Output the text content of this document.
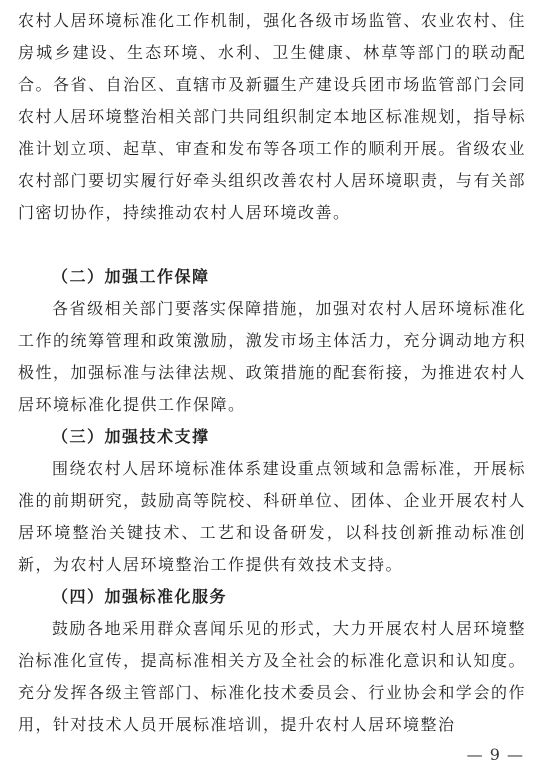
农村人居环境标准化工作机制，强化各级市场监管、农业农村、住房城乡建设、生态环境、水利、卫生健康、林草等部门的联动配合。各省、自治区、直辖市及新疆生产建设兵团市场监管部门会同农村人居环境整治相关部门共同组织制定本地区标准规划，指导标准计划立项、起草、审查和发布等各项工作的顺利开展。省级农业农村部门要切实履行好牵头组织改善农村人居环境职责，与有关部门密切协作，持续推动农村人居环境改善。
（二）加强工作保障
各省级相关部门要落实保障措施，加强对农村人居环境标准化工作的统筹管理和政策激励，激发市场主体活力，充分调动地方积极性，加强标准与法律法规、政策措施的配套衔接，为推进农村人居环境标准化提供工作保障。
（三）加强技术支撑
围绕农村人居环境标准体系建设重点领域和急需标准，开展标准的前期研究，鼓励高等院校、科研单位、团体、企业开展农村人居环境整治关键技术、工艺和设备研发，以科技创新推动标准创新，为农村人居环境整治工作提供有效技术支持。
（四）加强标准化服务
鼓励各地采用群众喜闻乐见的形式，大力开展农村人居环境整治标准化宣传，提高标准相关方及全社会的标准化意识和认知度。充分发挥各级主管部门、标准化技术委员会、行业协会和学会的作用，针对技术人员开展标准培训，提升农村人居环境整治
— 9 —
